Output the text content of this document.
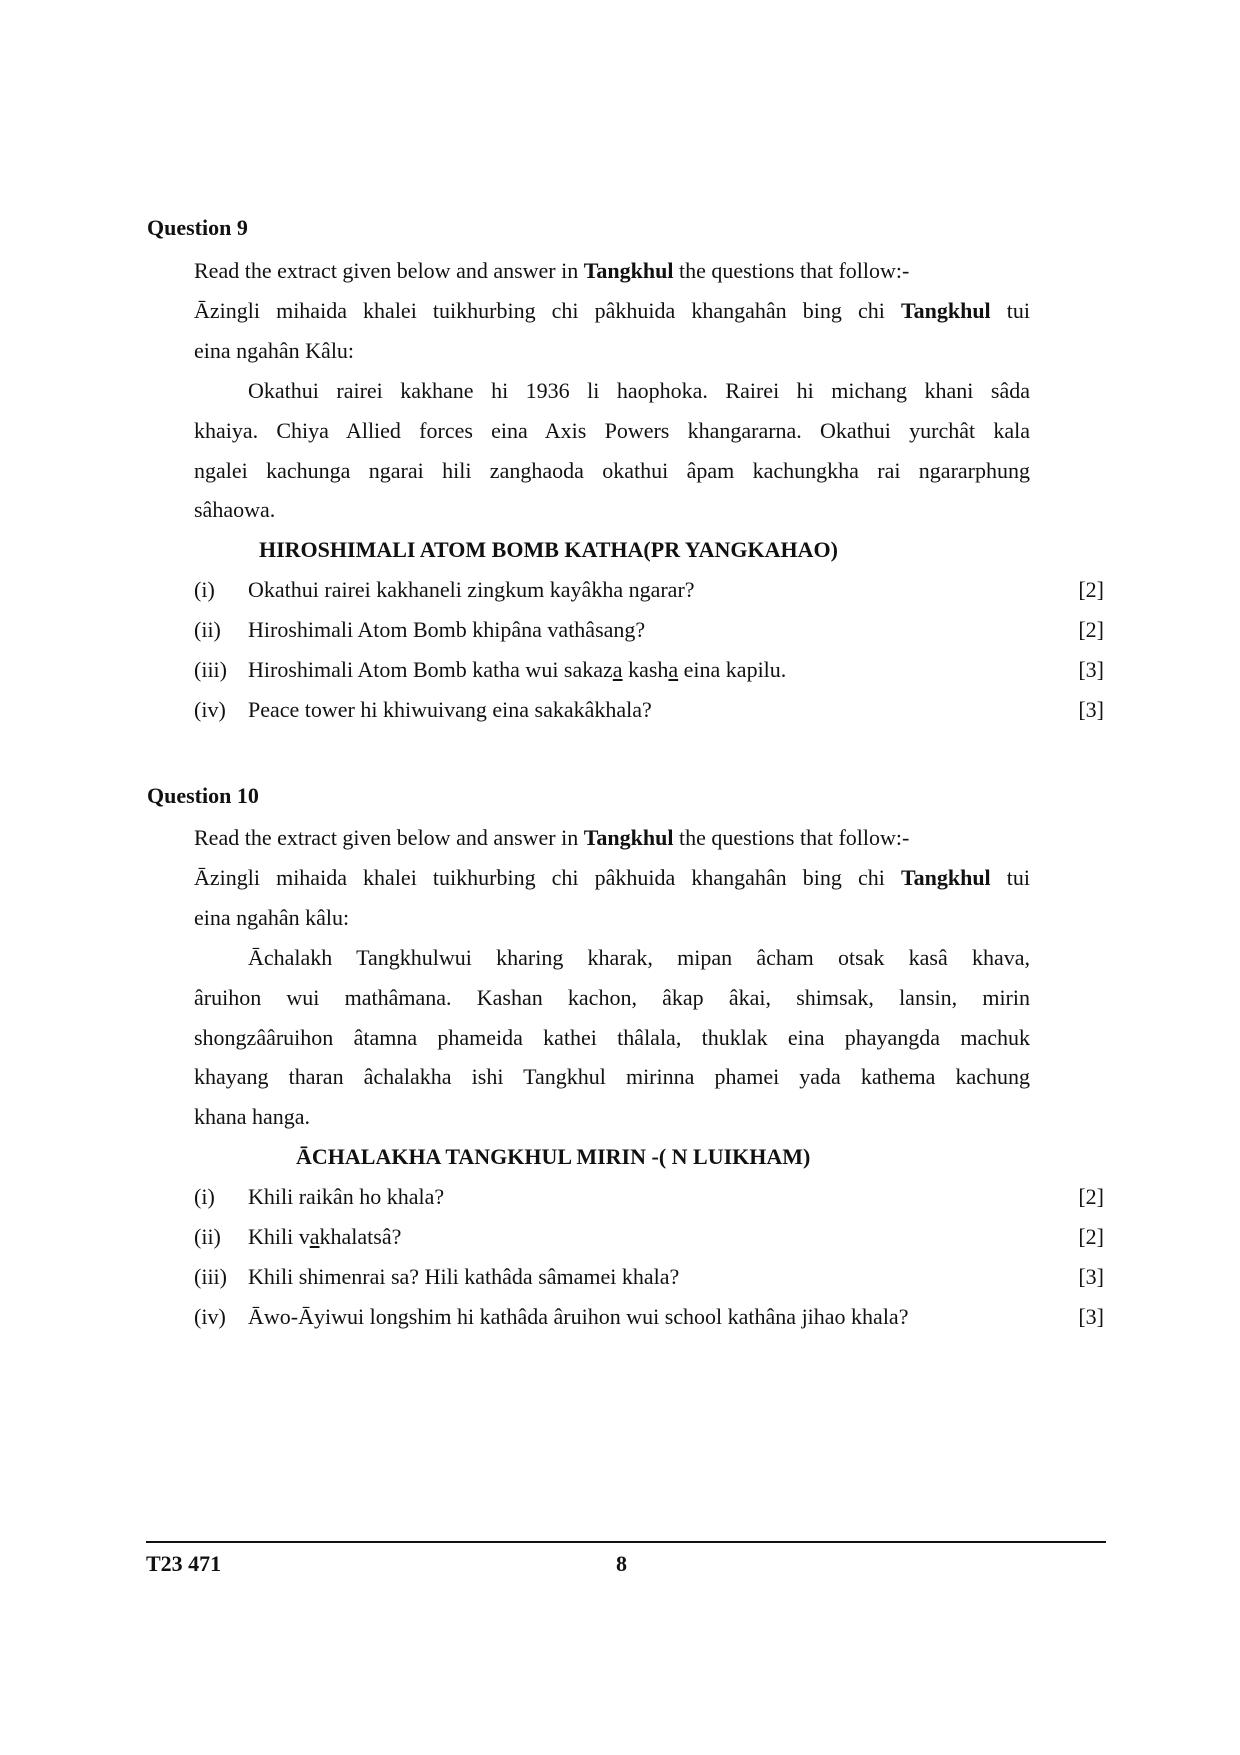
Question 9
Read the extract given below and answer in Tangkhul the questions that follow:-
Āzingli mihaida khalei tuikhurbing chi pâkhuida khangahân bing chi Tangkhul tui
eina ngahân Kâlu:
Okathui rairei kakhane hi 1936 li haophoka. Rairei hi michang khani sâda
khaiya. Chiya Allied forces eina Axis Powers khangararna. Okathui yurchât kala
ngalei kachunga ngarai hili zanghaoda okathui âpam kachungkha rai ngararphung
sâhaowa.
HIROSHIMALI ATOM BOMB KATHA(PR YANGKAHAO)
(i) Okathui rairei kakhaneli zingkum kayâkha ngarar?	[2]
(ii) Hiroshimali Atom Bomb khipâna vathâsang?	[2]
(iii) Hiroshimali Atom Bomb katha wui sakaza kasha eina kapilu.	[3]
(iv) Peace tower hi khiwuivang eina sakakâkhala?	[3]
Question 10
Read the extract given below and answer in Tangkhul the questions that follow:-
Āzingli mihaida khalei tuikhurbing chi pâkhuida khangahân bing chi Tangkhul tui
eina ngahân kâlu:
Āchalakh Tangkhulwui kharing kharak, mipan âcham otsak kasâ khava,
âruihon wui mathâmana. Kashan kachon, âkap âkai, shimsak, lansin, mirin
shongzââruihon âtamna phameida kathei thâlala, thuklak eina phayangda machuk
khayang tharan âchalakha ishi Tangkhul mirinna phamei yada kathema kachung
khana hanga.
ĀCHALAKHA TANGKHUL MIRIN -( N LUIKHAM)
(i) Khili raikân ho khala?	[2]
(ii) Khili vakhalatsâ?	[2]
(iii) Khili shimenrai sa? Hili kathâda sâmamei khala?	[3]
(iv) Āwo-Āyiwui longshim hi kathâda âruihon wui school kathâna jihao khala?	[3]
T23 471	8
